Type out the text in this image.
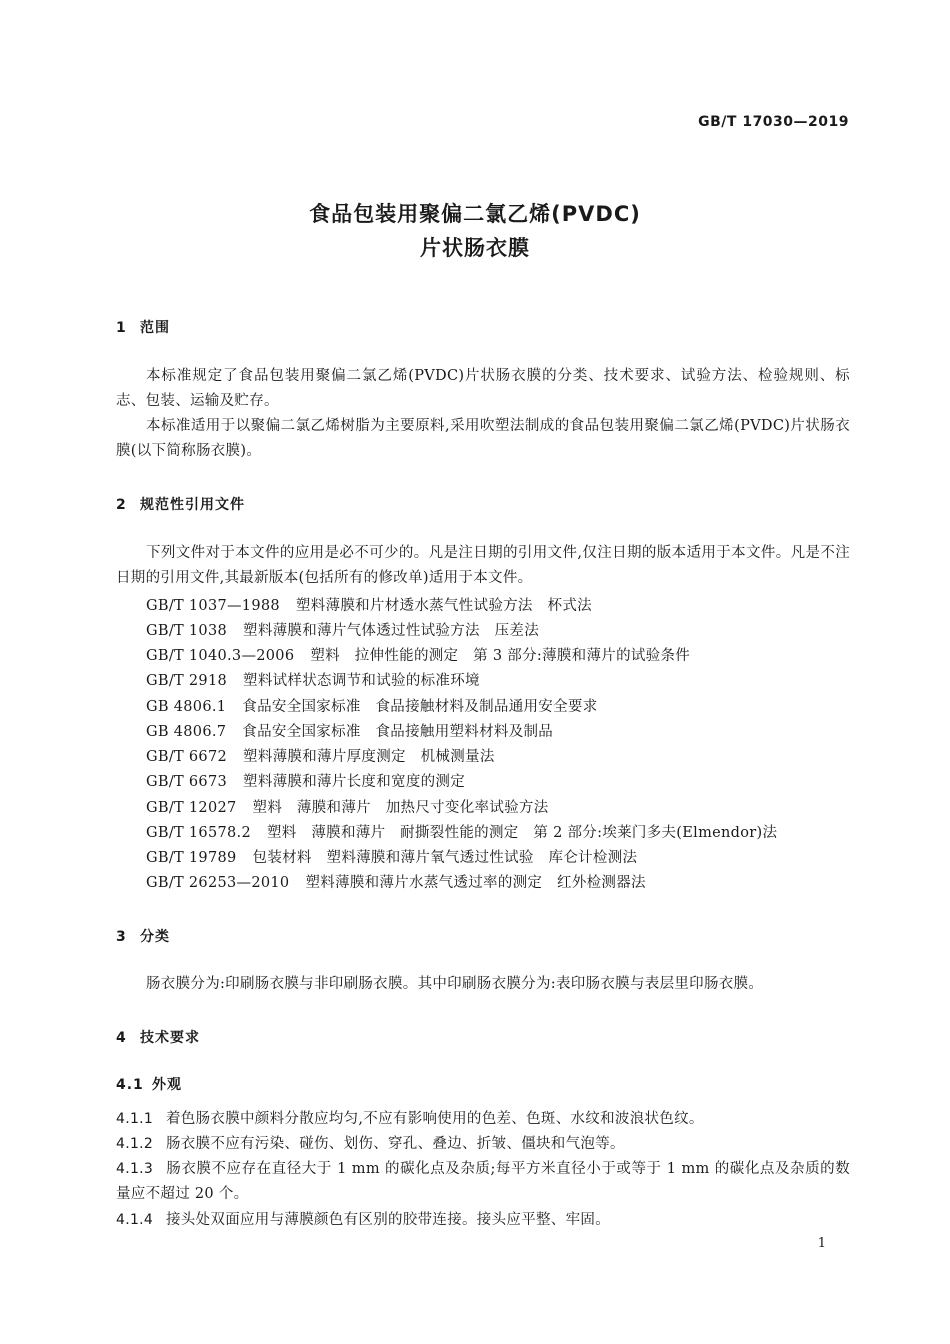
GB/T 17030—2019
食品包装用聚偏二氯乙烯(PVDC)
片状肠衣膜
1 范围
本标准规定了食品包装用聚偏二氯乙烯(PVDC)片状肠衣膜的分类、技术要求、试验方法、检验规则、标志、包装、运输及贮存。
本标准适用于以聚偏二氯乙烯树脂为主要原料,采用吹塑法制成的食品包装用聚偏二氯乙烯(PVDC)片状肠衣膜(以下简称肠衣膜)。
2 规范性引用文件
下列文件对于本文件的应用是必不可少的。凡是注日期的引用文件,仅注日期的版本适用于本文件。凡是不注日期的引用文件,其最新版本(包括所有的修改单)适用于本文件。
GB/T 1037—1988 塑料薄膜和片材透水蒸气性试验方法　杯式法
GB/T 1038 塑料薄膜和薄片气体透过性试验方法　压差法
GB/T 1040.3—2006 塑料　拉伸性能的测定　第 3 部分:薄膜和薄片的试验条件
GB/T 2918 塑料试样状态调节和试验的标准环境
GB 4806.1 食品安全国家标准　食品接触材料及制品通用安全要求
GB 4806.7 食品安全国家标准　食品接触用塑料材料及制品
GB/T 6672 塑料薄膜和薄片厚度测定　机械测量法
GB/T 6673 塑料薄膜和薄片长度和宽度的测定
GB/T 12027 塑料　薄膜和薄片　加热尺寸变化率试验方法
GB/T 16578.2 塑料　薄膜和薄片　耐撕裂性能的测定　第 2 部分:埃莱门多夫(Elmendor)法
GB/T 19789 包装材料　塑料薄膜和薄片氧气透过性试验　库仑计检测法
GB/T 26253—2010 塑料薄膜和薄片水蒸气透过率的测定　红外检测器法
3 分类
肠衣膜分为:印刷肠衣膜与非印刷肠衣膜。其中印刷肠衣膜分为:表印肠衣膜与表层里印肠衣膜。
4 技术要求
4.1 外观
4.1.1 着色肠衣膜中颜料分散应均匀,不应有影响使用的色差、色斑、水纹和波浪状色纹。
4.1.2 肠衣膜不应有污染、碰伤、划伤、穿孔、叠边、折皱、僵块和气泡等。
4.1.3 肠衣膜不应存在直径大于 1 mm 的碳化点及杂质;每平方米直径小于或等于 1 mm 的碳化点及杂质的数量应不超过 20 个。
4.1.4 接头处双面应用与薄膜颜色有区别的胶带连接。接头应平整、牢固。
1
